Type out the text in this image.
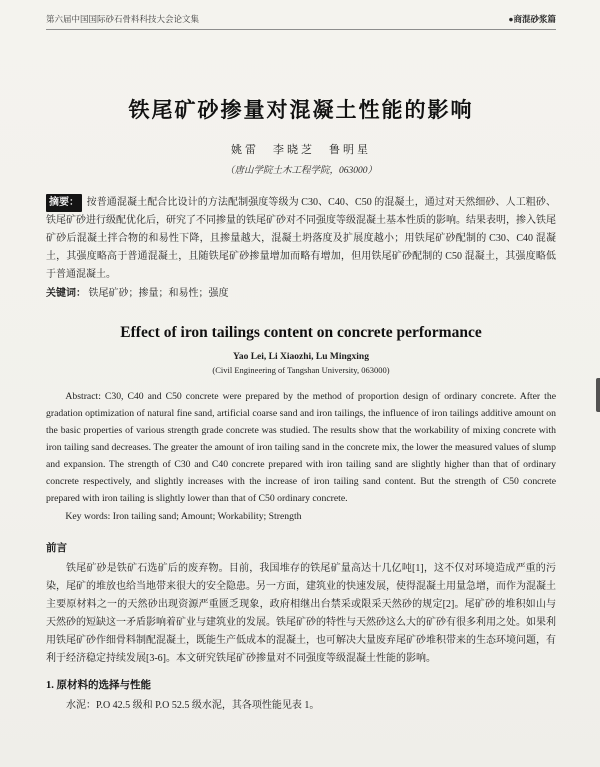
第六届中国国际砂石骨料科技大会论文集	●商混砂浆篇
铁尾矿砂掺量对混凝土性能的影响
姚雷　李晓芝　鲁明星
（唐山学院土木工程学院，063000）
摘要： 按普通混凝土配合比设计的方法配制强度等级为 C30、C40、C50 的混凝土，通过对天然细砂、人工粗砂、铁尾矿砂进行级配优化后，研究了不同掺量的铁尾矿砂对不同强度等级混凝土基本性质的影响。结果表明，掺入铁尾矿砂后混凝土拌合物的和易性下降，且掺量越大，混凝土坍落度及扩展度越小；用铁尾矿砂配制的 C30、C40 混凝土，其强度略高于普通混凝土，且随铁尾矿砂掺量增加而略有增加，但用铁尾矿砂配制的 C50 混凝土，其强度略低于普通混凝土。
关键词： 铁尾矿砂；掺量；和易性；强度
Effect of iron tailings content on concrete performance
Yao Lei, Li Xiaozhi, Lu Mingxing
(Civil Engineering of Tangshan University, 063000)
Abstract: C30, C40 and C50 concrete were prepared by the method of proportion design of ordinary concrete. After the gradation optimization of natural fine sand, artificial coarse sand and iron tailings, the influence of iron tailings additive amount on the basic properties of various strength grade concrete was studied. The results show that the workability of mixing concrete with iron tailing sand decreases. The greater the amount of iron tailing sand in the concrete mix, the lower the measured values of slump and expansion. The strength of C30 and C40 concrete prepared with iron tailing sand are slightly higher than that of ordinary concrete respectively, and slightly increases with the increase of iron tailing sand content. But the strength of C50 concrete prepared with iron tailing is slightly lower than that of C50 ordinary concrete.
Key words: Iron tailing sand; Amount; Workability; Strength
前言
铁尾矿砂是铁矿石选矿后的废弃物。目前，我国堆存的铁尾矿量高达十几亿吨[1]，这不仅对环境造成严重的污染，尾矿的堆放也给当地带来很大的安全隐患。另一方面，建筑业的快速发展，使得混凝土用量急增，而作为混凝土主要原材料之一的天然砂出现资源严重匮乏现象，政府相继出台禁采或限采天然砂的规定[2]。尾矿砂的堆积如山与天然砂的短缺这一矛盾影响着矿业与建筑业的发展。铁尾矿砂的特性与天然砂这么大的矿砂有很多利用之处。如果利用铁尾矿砂作细骨料制配混凝土，既能生产低成本的混凝土，也可解决大量废弃尾矿砂堆积带来的生态环境问题，有利于经济稳定持续发展[3-6]。本文研究铁尾矿砂掺量对不同强度等级混凝土性能的影响。
1. 原材料的选择与性能
水泥：P.O 42.5 级和 P.O 52.5 级水泥，其各项性能见表 1。
